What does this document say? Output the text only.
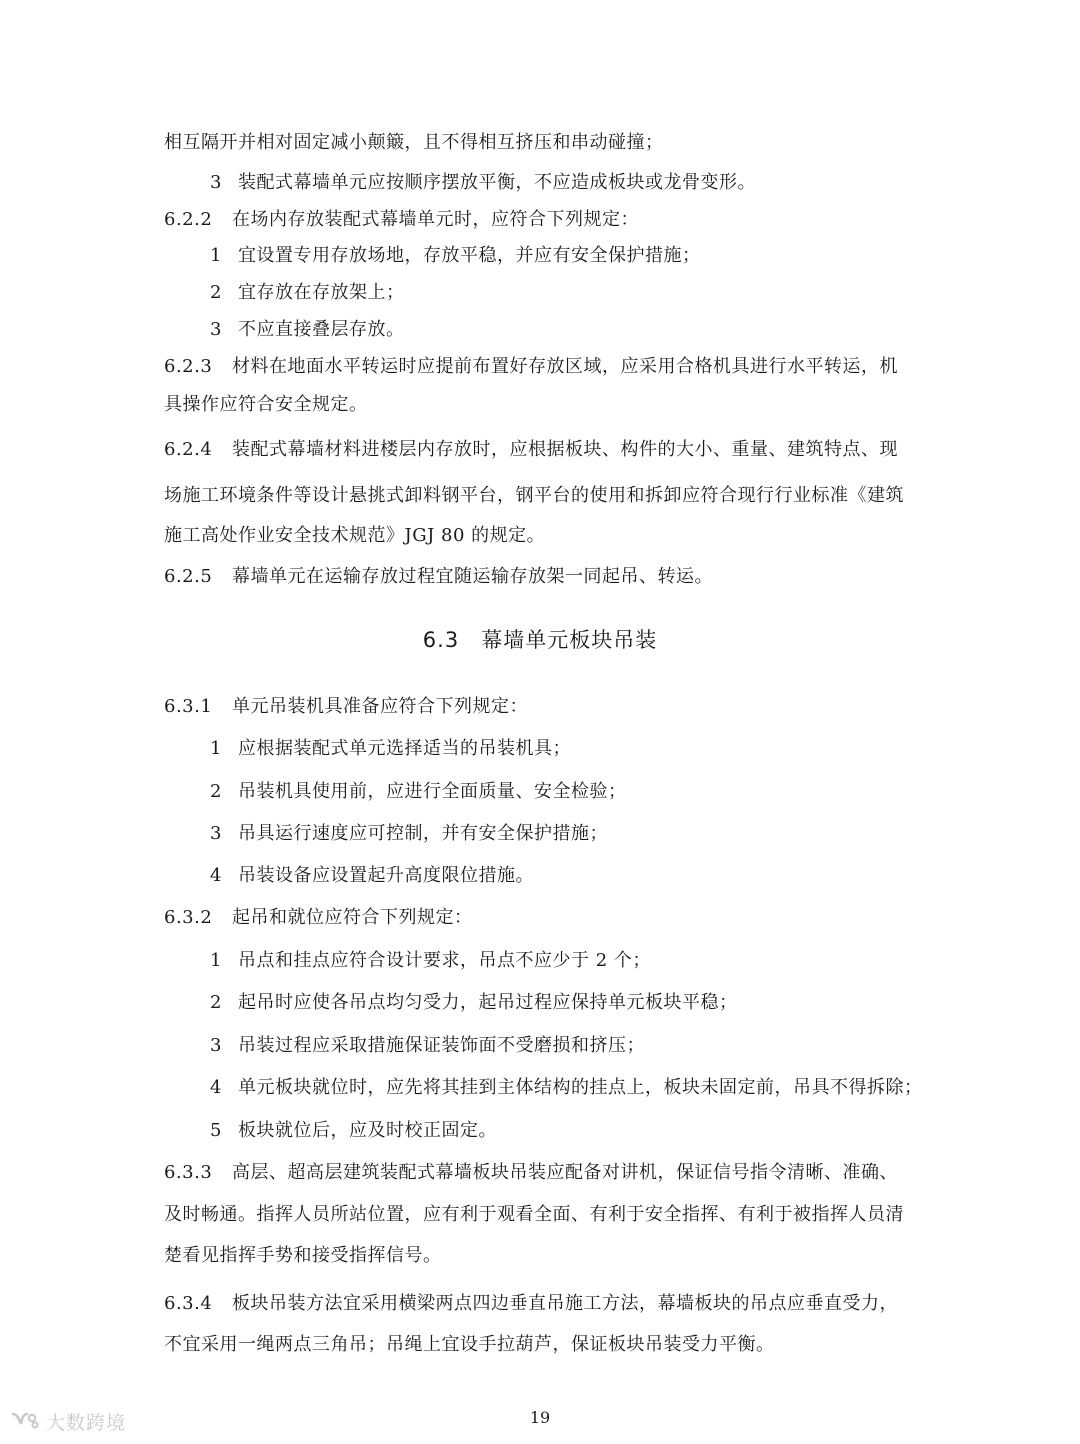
相互隔开并相对固定减小颠簸，且不得相互挤压和串动碰撞；
3 装配式幕墙单元应按顺序摆放平衡，不应造成板块或龙骨变形。
6.2.2 在场内存放装配式幕墙单元时，应符合下列规定：
1 宜设置专用存放场地，存放平稳，并应有安全保护措施；
2 宜存放在存放架上；
3 不应直接叠层存放。
6.2.3 材料在地面水平转运时应提前布置好存放区域，应采用合格机具进行水平转运，机
具操作应符合安全规定。
6.2.4 装配式幕墙材料进楼层内存放时，应根据板块、构件的大小、重量、建筑特点、现
场施工环境条件等设计悬挑式卸料钢平台，钢平台的使用和拆卸应符合现行行业标准《建筑
施工高处作业安全技术规范》JGJ 80 的规定。
6.2.5 幕墙单元在运输存放过程宜随运输存放架一同起吊、转运。
6.3 幕墙单元板块吊装
6.3.1 单元吊装机具准备应符合下列规定：
1 应根据装配式单元选择适当的吊装机具；
2 吊装机具使用前，应进行全面质量、安全检验；
3 吊具运行速度应可控制，并有安全保护措施；
4 吊装设备应设置起升高度限位措施。
6.3.2 起吊和就位应符合下列规定：
1 吊点和挂点应符合设计要求，吊点不应少于 2 个；
2 起吊时应使各吊点均匀受力，起吊过程应保持单元板块平稳；
3 吊装过程应采取措施保证装饰面不受磨损和挤压；
4 单元板块就位时，应先将其挂到主体结构的挂点上，板块未固定前，吊具不得拆除；
5 板块就位后，应及时校正固定。
6.3.3 高层、超高层建筑装配式幕墙板块吊装应配备对讲机，保证信号指令清晰、准确、
及时畅通。指挥人员所站位置，应有利于观看全面、有利于安全指挥、有利于被指挥人员清
楚看见指挥手势和接受指挥信号。
6.3.4 板块吊装方法宜采用横梁两点四边垂直吊施工方法，幕墙板块的吊点应垂直受力，
不宜采用一绳两点三角吊；吊绳上宜设手拉葫芦，保证板块吊装受力平衡。
19
大数跨境
